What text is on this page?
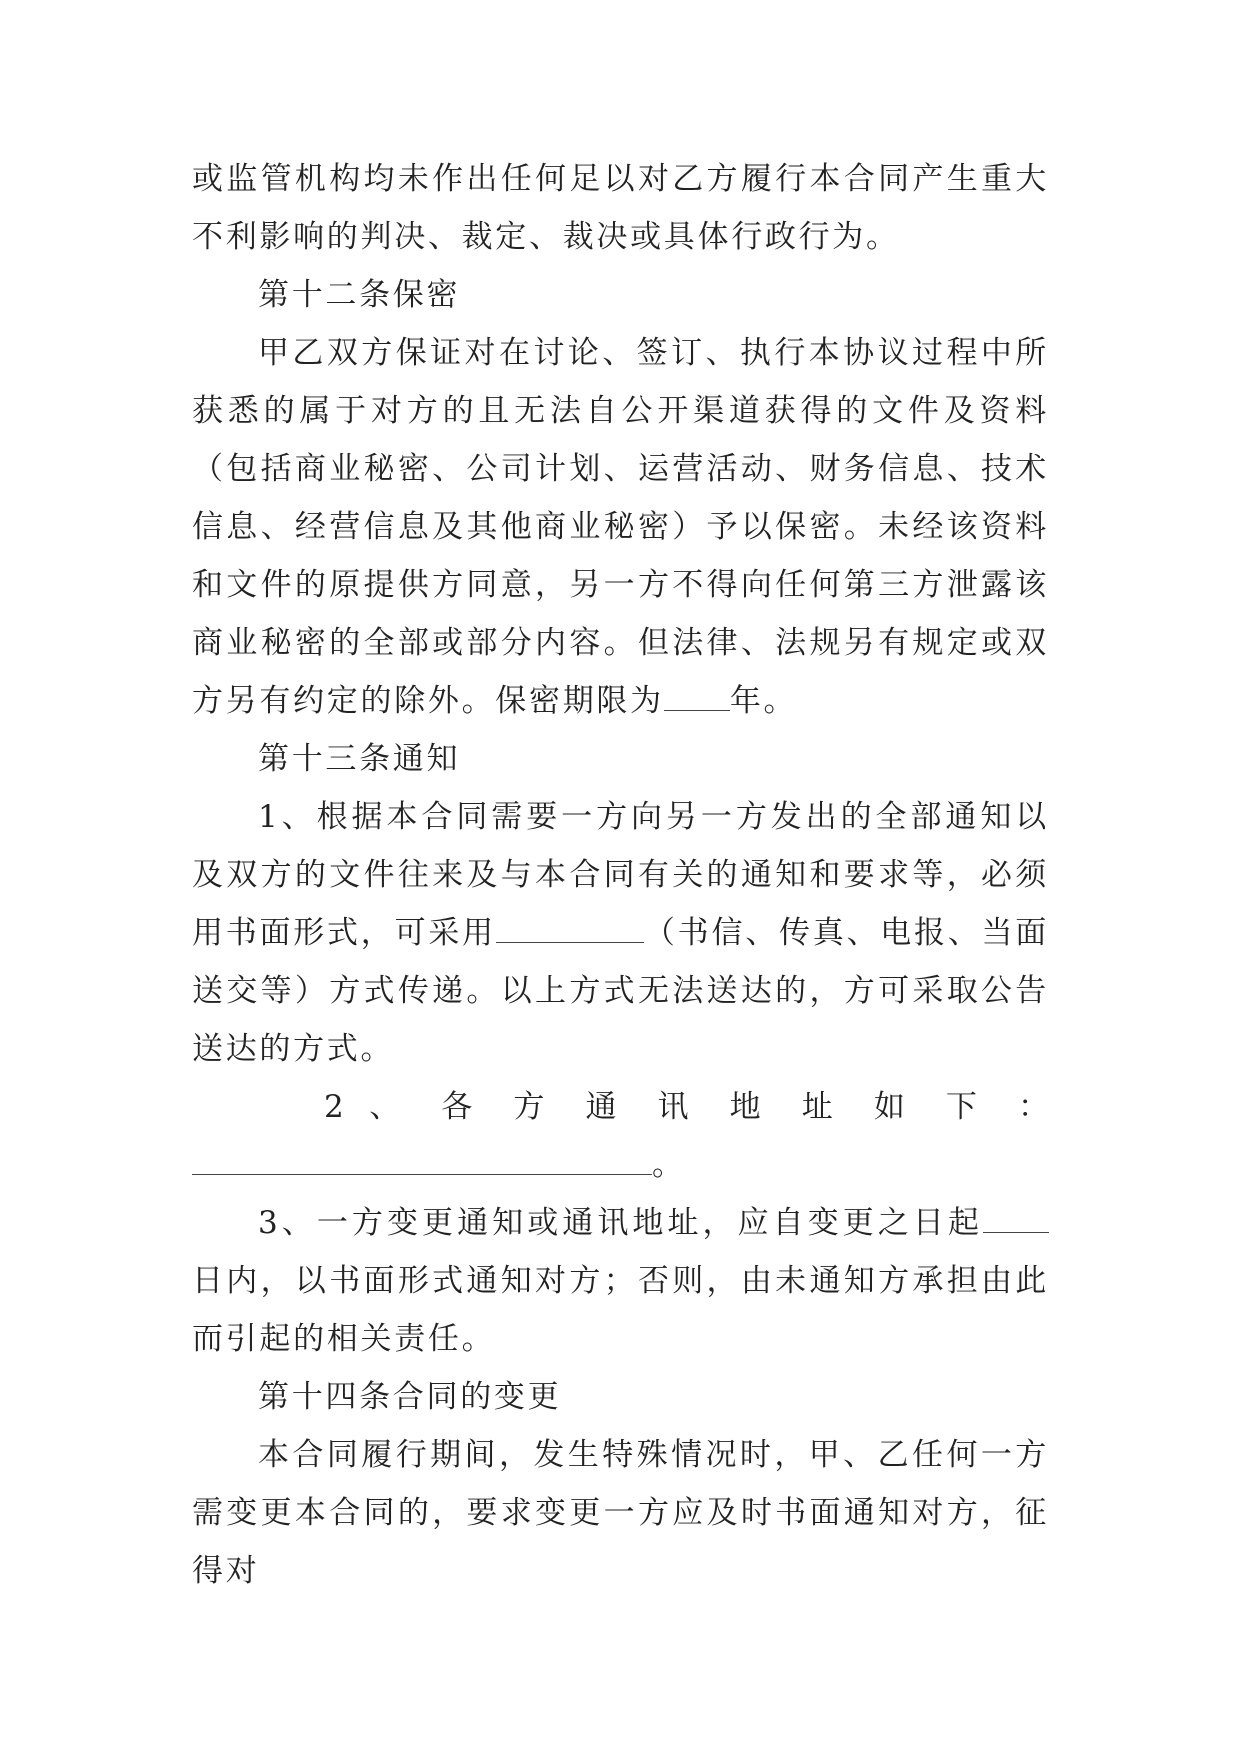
或监管机构均未作出任何足以对乙方履行本合同产生重大不利影响的判决、裁定、裁决或具体行政行为。

第十二条保密

甲乙双方保证对在讨论、签订、执行本协议过程中所获悉的属于对方的且无法自公开渠道获得的文件及资料（包括商业秘密、公司计划、运营活动、财务信息、技术信息、经营信息及其他商业秘密）予以保密。未经该资料和文件的原提供方同意，另一方不得向任何第三方泄露该商业秘密的全部或部分内容。但法律、法规另有规定或双方另有约定的除外。保密期限为 年。

第十三条通知

1、根据本合同需要一方向另一方发出的全部通知以及双方的文件往来及与本合同有关的通知和要求等，必须用书面形式，可采用	（书信、传真、电报、当面送交等）方式传递。以上方式无法送达的，方可采取公告送达的方式。

2 、 各 方 通 讯 地 址 如 下 ：

。

3、一方变更通知或通讯地址，应自变更之日起日内，以书面形式通知对方；否则，由未通知方承担由此而引起的相关责任。

第十四条合同的变更

本合同履行期间，发生特殊情况时，甲、乙任何一方需变更本合同的，要求变更一方应及时书面通知对方，征得对
